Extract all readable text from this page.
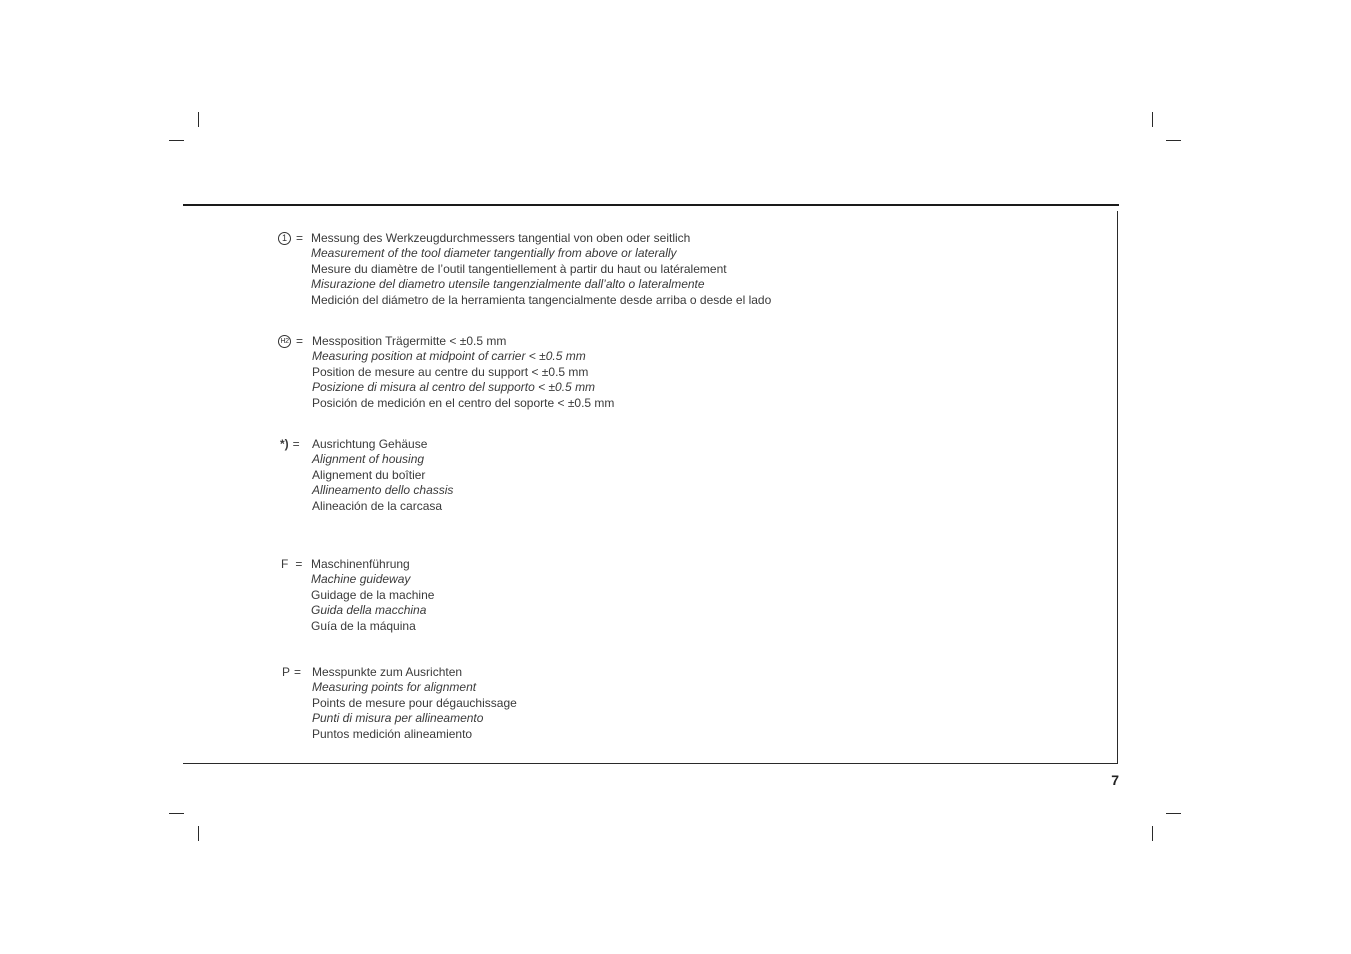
1 = Messung des Werkzeugdurchmessers tangential von oben oder seitlich
Measurement of the tool diameter tangentially from above or laterally
Mesure du diamètre de l’outil tangentiellement à partir du haut ou latéralement
Misurazione del diametro utensile tangenzialmente dall’alto o lateralmente
Medición del diámetro de la herramienta tangencialmente desde arriba o desde el lado
H2 = Messposition Trägermitte < ±0.5 mm
Measuring position at midpoint of carrier < ±0.5 mm
Position de mesure au centre du support < ±0.5 mm
Posizione di misura al centro del supporto < ±0.5 mm
Posición de medición en el centro del soporte < ±0.5 mm
*) = Ausrichtung Gehäuse
Alignment of housing
Alignement du boîtier
Allineamento dello chassis
Alineación de la carcasa
F = Maschinenführung
Machine guideway
Guidage de la machine
Guida della macchina
Guía de la máquina
P = Messpunkte zum Ausrichten
Measuring points for alignment
Points de mesure pour dégauchissage
Punti di misura per allineamento
Puntos medición alineamiento
7
